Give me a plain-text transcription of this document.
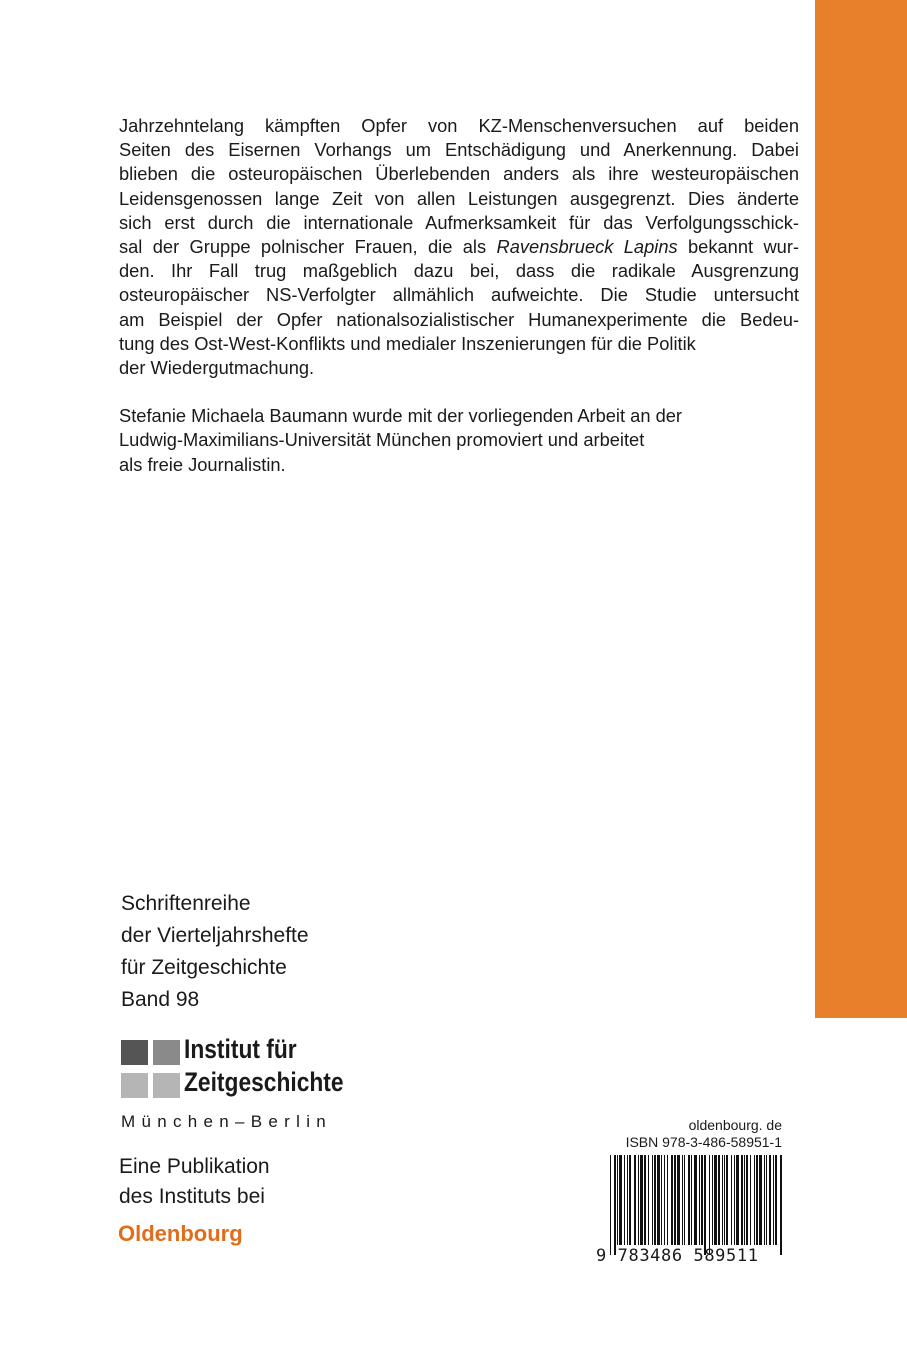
Jahrzehntelang kämpften Opfer von KZ-Menschenversuchen auf beiden
Seiten des Eisernen Vorhangs um Entschädigung und Anerkennung. Dabei
blieben die osteuropäischen Überlebenden anders als ihre westeuropäischen
Leidensgenossen lange Zeit von allen Leistungen ausgegrenzt. Dies änderte
sich erst durch die internationale Aufmerksamkeit für das Verfolgungsschick-
sal der Gruppe polnischer Frauen, die als Ravensbrueck Lapins bekannt wur-
den. Ihr Fall trug maßgeblich dazu bei, dass die radikale Ausgrenzung
osteuropäischer NS-Verfolgter allmählich aufweichte. Die Studie untersucht
am Beispiel der Opfer nationalsozialistischer Humanexperimente die Bedeu-
tung des Ost-West-Konflikts und medialer Inszenierungen für die Politik
der Wiedergutmachung.

Stefanie Michaela Baumann wurde mit der vorliegenden Arbeit an der
Ludwig-Maximilians-Universität München promoviert und arbeitet
als freie Journalistin.

Schriftenreihe
der Vierteljahrshefte
für Zeitgeschichte
Band 98
Institut für
Zeitgeschichte
München–Berlin
Eine Publikation
des Instituts bei
Oldenbourg
oldenbourg. de
ISBN 978-3-486-58951-1
9 783486 589511
